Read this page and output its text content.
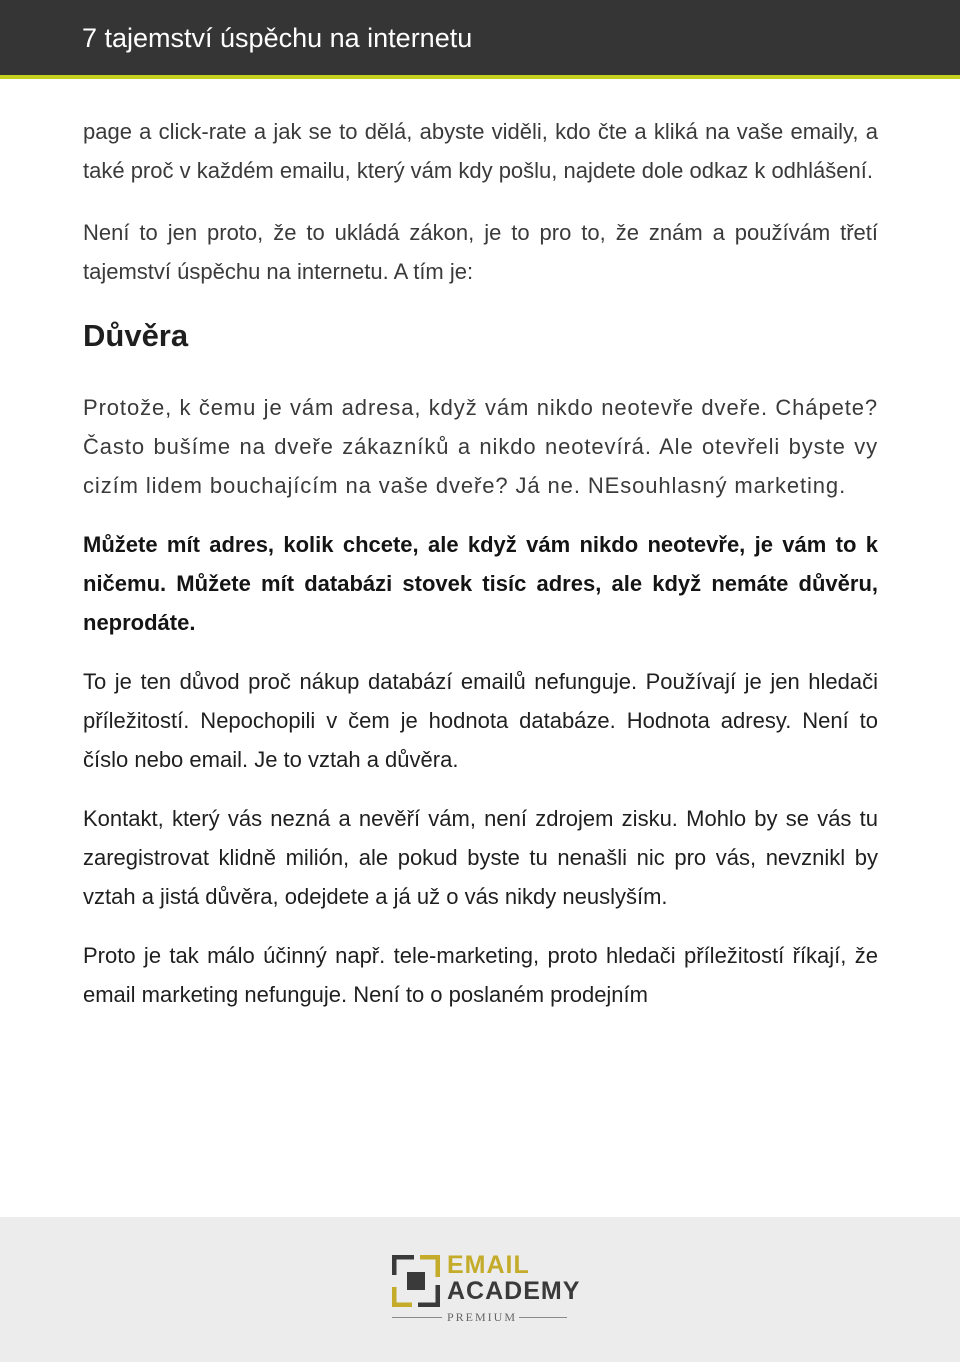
7 tajemství úspěchu na internetu

page a click-rate a jak se to dělá, abyste viděli, kdo čte a kliká na vaše emaily, a také proč v každém emailu, který vám kdy pošlu, najdete dole odkaz k odhlášení.

Není to jen proto, že to ukládá zákon, je to pro to, že znám a používám třetí tajemství úspěchu na internetu. A tím je:

Důvěra

Protože, k čemu je vám adresa, když vám nikdo neotevře dveře. Chápete? Často bušíme na dveře zákazníků a nikdo neotevírá. Ale otevřeli byste vy cizím lidem bouchajícím na vaše dveře? Já ne. NEsouhlasný marketing.

Můžete mít adres, kolik chcete, ale když vám nikdo neotevře, je vám to k ničemu. Můžete mít databázi stovek tisíc adres, ale když nemáte důvěru, neprodáte.

To je ten důvod proč nákup databází emailů nefunguje. Používají je jen hledači příležitostí. Nepochopili v čem je hodnota databáze. Hodnota adresy. Není to číslo nebo email. Je to vztah a důvěra.

Kontakt, který vás nezná a nevěří vám, není zdrojem zisku. Mohlo by se vás tu zaregistrovat klidně milión, ale pokud byste tu nenašli nic pro vás, nevznikl by vztah a jistá důvěra, odejdete a já už o vás nikdy neuslyším.

Proto je tak málo účinný např. tele-marketing, proto hledači příležitostí říkají, že email marketing nefunguje. Není to o poslaném prodejním

EMAIL
ACADEMY
PREMIUM
